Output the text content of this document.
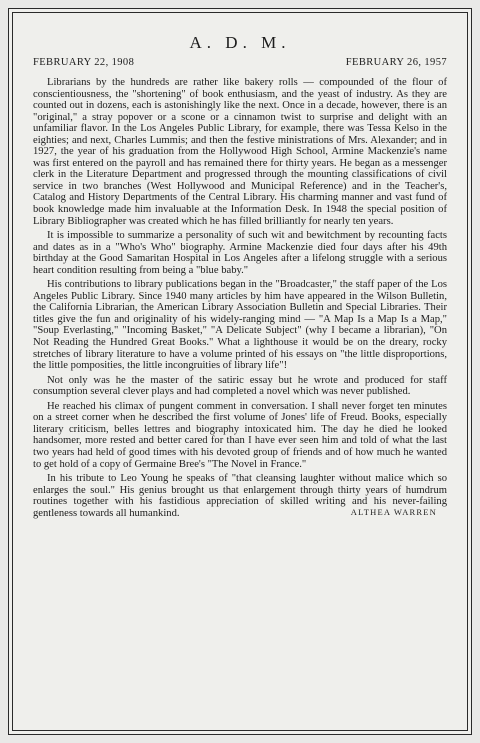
A. D. M.
FEBRUARY 22, 1908	FEBRUARY 26, 1957

Librarians by the hundreds are rather like bakery rolls — compounded of the flour of conscientiousness, the "shortening" of book enthusiasm, and the yeast of industry. As they are counted out in dozens, each is astonishingly like the next. Once in a decade, however, there is an "original," a stray popover or a scone or a cinnamon twist to surprise and delight with an unfamiliar flavor. In the Los Angeles Public Library, for example, there was Tessa Kelso in the eighties; and next, Charles Lummis; and then the festive ministrations of Mrs. Alexander; and in 1927, the year of his graduation from the Hollywood High School, Armine Mackenzie's name was first entered on the payroll and has remained there for thirty years. He began as a messenger clerk in the Literature Department and progressed through the mounting classifications of civil service in two branches (West Hollywood and Municipal Reference) and in the Teacher's, Catalog and History Departments of the Central Library. His charming manner and vast fund of book knowledge made him invaluable at the Information Desk. In 1948 the special position of Library Bibliographer was created which he has filled brilliantly for nearly ten years.

It is impossible to summarize a personality of such wit and bewitchment by recounting facts and dates as in a "Who's Who" biography. Armine Mackenzie died four days after his 49th birthday at the Good Samaritan Hospital in Los Angeles after a lifelong struggle with a serious heart condition resulting from being a "blue baby."

His contributions to library publications began in the "Broadcaster," the staff paper of the Los Angeles Public Library. Since 1940 many articles by him have appeared in the Wilson Bulletin, the California Librarian, the American Library Association Bulletin and Special Libraries. Their titles give the fun and originality of his widely-ranging mind — "A Map Is a Map Is a Map," "Soup Everlasting," "Incoming Basket," "A Delicate Subject" (why I became a librarian), "On Not Reading the Hundred Great Books." What a lighthouse it would be on the dreary, rocky stretches of library literature to have a volume printed of his essays on "the little disproportions, the little pomposities, the little incongruities of library life"!

Not only was he the master of the satiric essay but he wrote and produced for staff consumption several clever plays and had completed a novel which was never published.

He reached his climax of pungent comment in conversation. I shall never forget ten minutes on a street corner when he described the first volume of Jones' life of Freud. Books, especially literary criticism, belles lettres and biography intoxicated him. The day he died he looked handsomer, more rested and better cared for than I have ever seen him and told of what the last two years had held of good times with his devoted group of friends and of how much he wanted to get hold of a copy of Germaine Bree's "The Novel in France."

In his tribute to Leo Young he speaks of "that cleansing laughter without malice which so enlarges the soul." His genius brought us that enlargement through thirty years of humdrum routines together with his fastidious appreciation of skilled writing and his never-failing gentleness towards all humankind.	ALTHEA WARREN
